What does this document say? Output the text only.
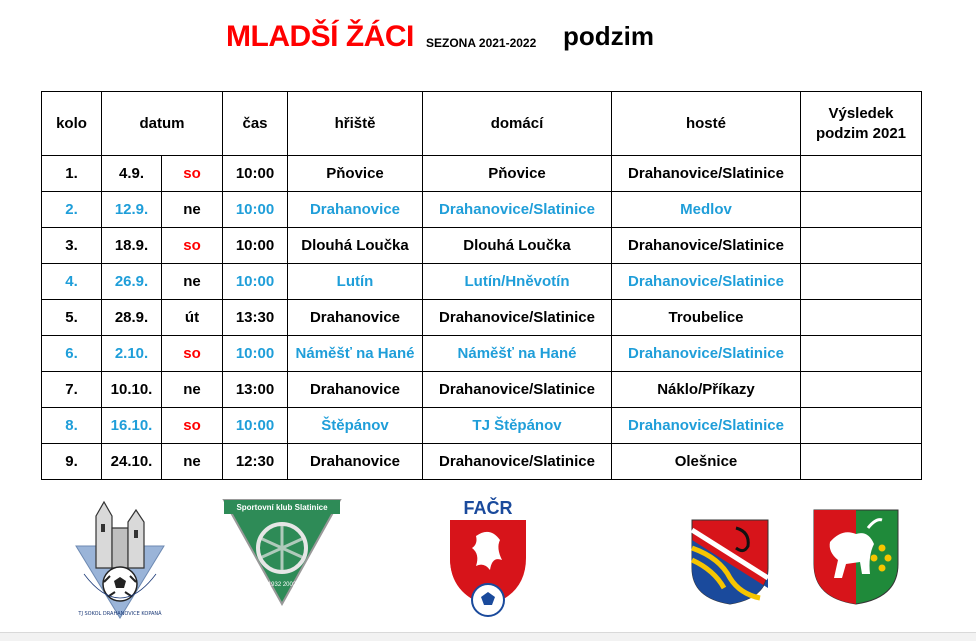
MLADŠÍ ŽÁCI SEZONA 2021-2022 podzim
kolo	datum		čas	hřiště	domácí	hosté	Výsledek podzim 2021
1.	4.9.	so	10:00	Pňovice	Pňovice	Drahanovice/Slatinice	
2.	12.9.	ne	10:00	Drahanovice	Drahanovice/Slatinice	Medlov	
3.	18.9.	so	10:00	Dlouhá Loučka	Dlouhá Loučka	Drahanovice/Slatinice	
4.	26.9.	ne	10:00	Lutín	Lutín/Hněvotín	Drahanovice/Slatinice	
5.	28.9.	út	13:30	Drahanovice	Drahanovice/Slatinice	Troubelice	
6.	2.10.	so	10:00	Náměšť na Hané	Náměšť na Hané	Drahanovice/Slatinice	
7.	10.10.	ne	13:00	Drahanovice	Drahanovice/Slatinice	Náklo/Příkazy	
8.	16.10.	so	10:00	Štěpánov	TJ Štěpánov	Drahanovice/Slatinice	
9.	24.10.	ne	12:30	Drahanovice	Drahanovice/Slatinice	Olešnice	
TJ SOKOL DRAHANOVICE KOPANÁ
Sportovní klub Slatinice
1932 2002
FAČR
